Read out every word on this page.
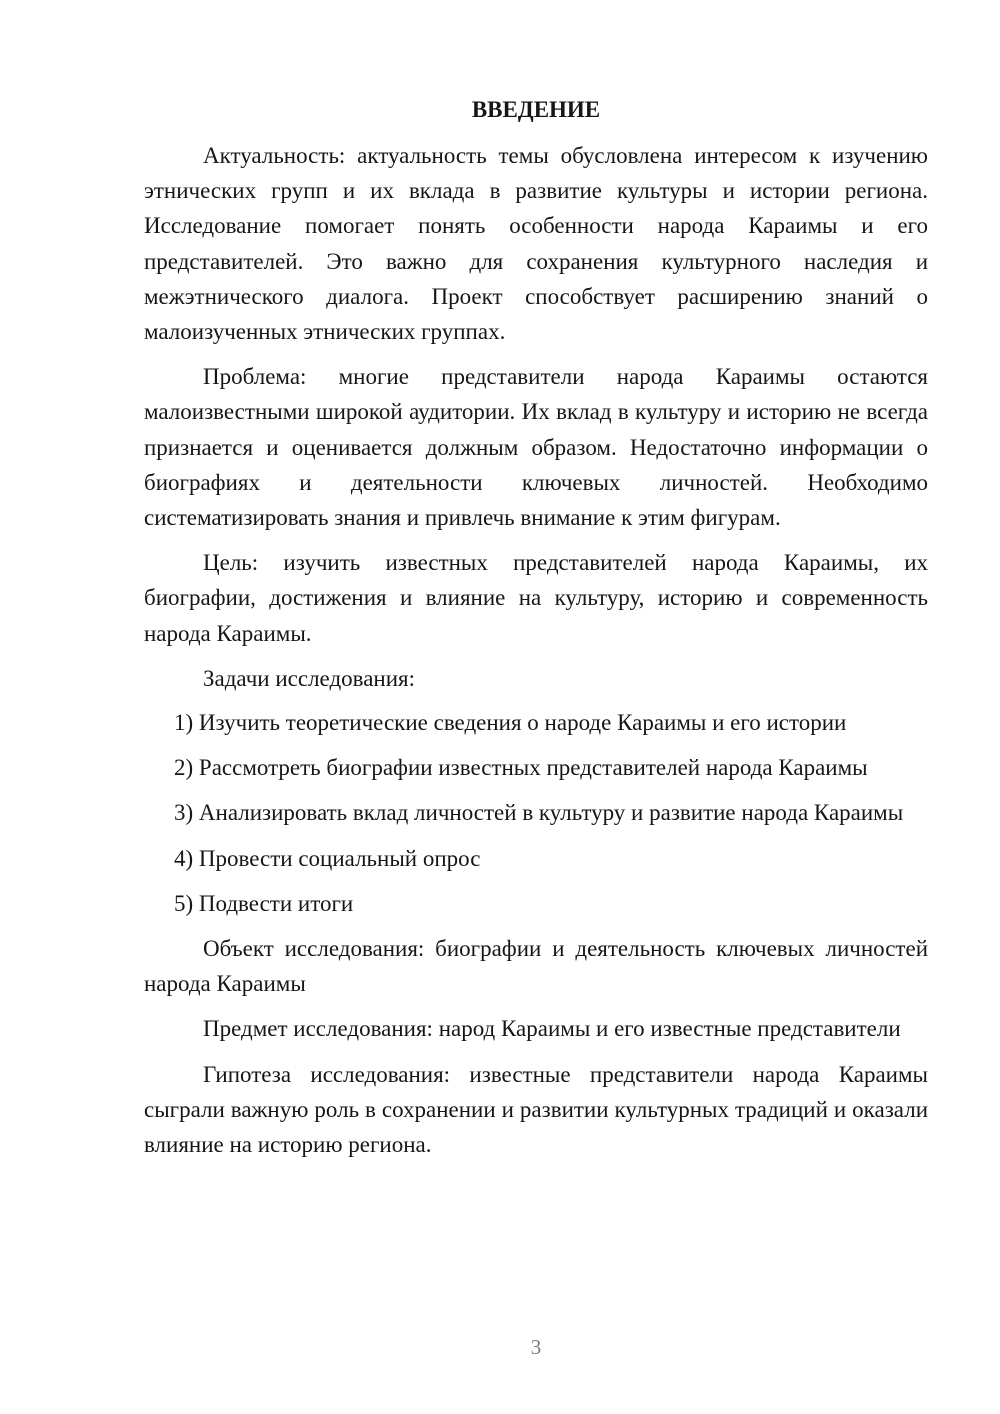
ВВЕДЕНИЕ

Актуальность: актуальность темы обусловлена интересом к изучению этнических групп и их вклада в развитие культуры и истории региона. Исследование помогает понять особенности народа Караимы и его представителей. Это важно для сохранения культурного наследия и межэтнического диалога. Проект способствует расширению знаний о малоизученных этнических группах.

Проблема: многие представители народа Караимы остаются малоизвестными широкой аудитории. Их вклад в культуру и историю не всегда признается и оценивается должным образом. Недостаточно информации о биографиях и деятельности ключевых личностей. Необходимо систематизировать знания и привлечь внимание к этим фигурам.

Цель: изучить известных представителей народа Караимы, их биографии, достижения и влияние на культуру, историю и современность народа Караимы.

Задачи исследования:

1) Изучить теоретические сведения о народе Караимы и его истории

2) Рассмотреть биографии известных представителей народа Караимы

3) Анализировать вклад личностей в культуру и развитие народа Караимы

4) Провести социальный опрос

5) Подвести итоги

Объект исследования: биографии и деятельность ключевых личностей народа Караимы

Предмет исследования: народ Караимы и его известные представители

Гипотеза исследования: известные представители народа Караимы сыграли важную роль в сохранении и развитии культурных традиций и оказали влияние на историю региона.

3
